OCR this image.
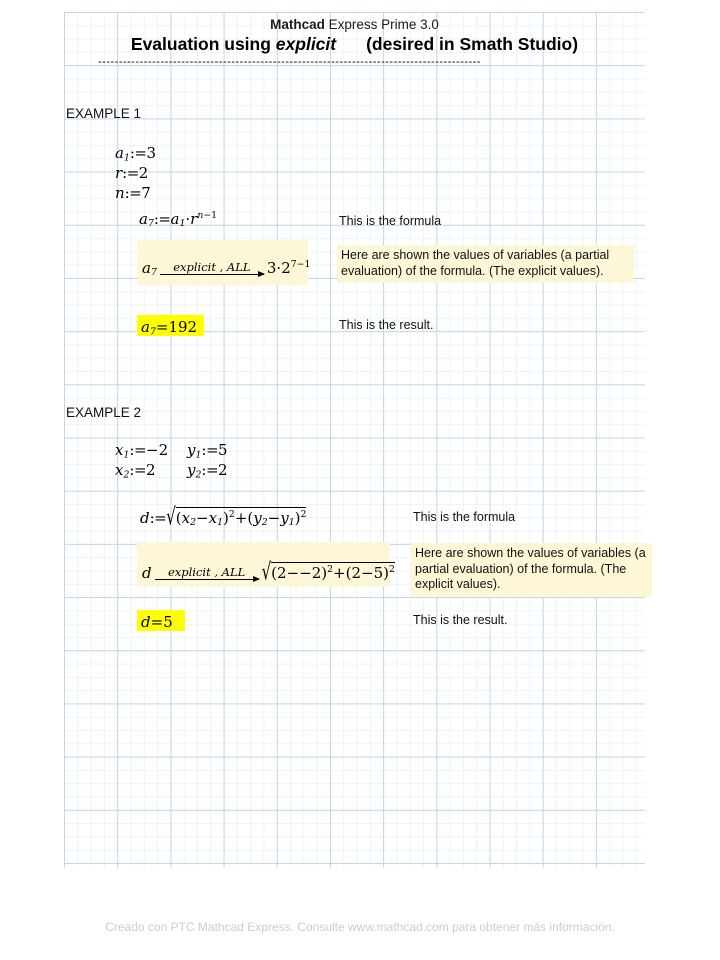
Mathcad Express Prime 3.0
Evaluation using explicit (desired in Smath Studio)
--------------------------------------------------------------------------------------------
EXAMPLE 1
$a_1:=3$
r:=2
n:=7
$a_7:=a_1\cdot r^{n-1}$	This is the formula
$a_7$	explicit , ALL	$3\cdot 2^{7-1}$
Here are shown the values of variables (a partial evaluation) of the formula. (The explicit values).
$a_7=192$	This is the result.
EXAMPLE 2
$x_1:=-2$
$x_2:=2$
$y_1:=5$
$y_2:=2$
$d:=√(x_2-x_1)^2+(y_2-y_1)^2$	This is the formula
d	explicit , ALL	$√(2--2)^2+(2-5)^2$
Here are shown the values of variables (a partial evaluation) of the formula. (The explicit values).
d=5	This is the result.
Creado con PTC Mathcad Express. Consulte www.mathcad.com para obtener más información.
